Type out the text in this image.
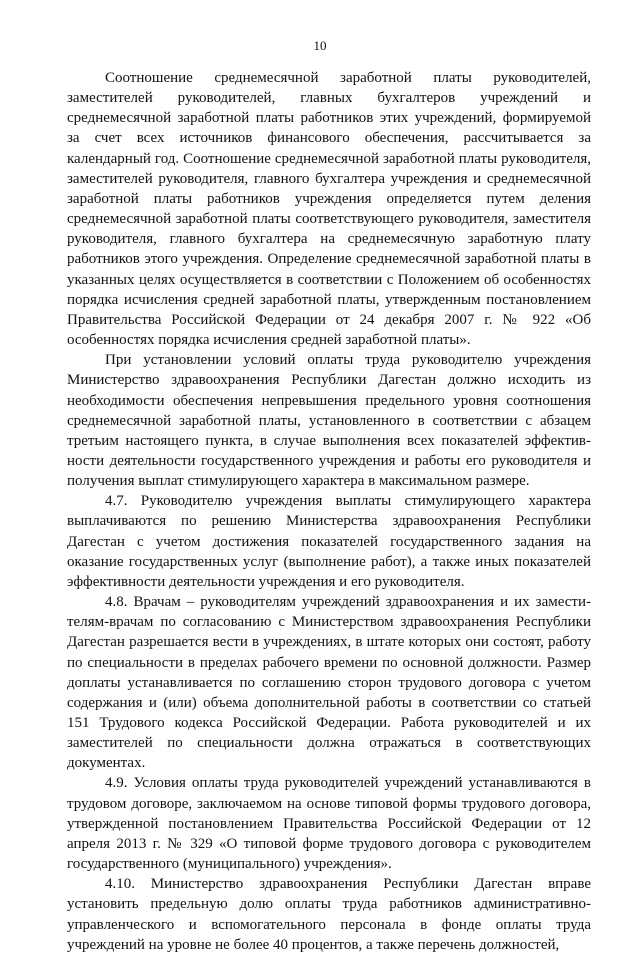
10

Соотношение среднемесячной заработной платы руководителей, заместителей руководителей, главных бухгалтеров учреждений и среднемесячной заработной платы работников этих учреждений, формируемой за счет всех источников финансового обеспечения, рассчитывается за календарный год. Соотношение среднемесячной заработной платы руководителя, заместителей руководителя, главного бухгалтера учреждения и среднемесячной заработной платы работников учреждения определяется путем деления среднемесячной заработной платы соответствующего руководителя, заместителя руководителя, главного бухгалтера на среднемесячную заработную плату работников этого учреждения. Определение среднемесячной заработной платы в указанных целях осуществляется в соответствии с Положением об особенностях порядка исчисления средней заработной платы, утвержденным постановлением Правительства Российской Федерации от 24 декабря 2007 г. № 922 «Об особенностях порядка исчисления средней заработной платы».

При установлении условий оплаты труда руководителю учреждения Министерство здравоохранения Республики Дагестан должно исходить из необходимости обеспечения непревышения предельного уровня соотношения среднемесячной заработной платы, установленного в соответствии с абзацем третьим настоящего пункта, в случае выполнения всех показателей эффективности деятельности государственного учреждения и работы его руководителя и получения выплат стимулирующего характера в максимальном размере.

4.7. Руководителю учреждения выплаты стимулирующего характера выплачиваются по решению Министерства здравоохранения Республики Дагестан с учетом достижения показателей государственного задания на оказание государственных услуг (выполнение работ), а также иных показателей эффективности деятельности учреждения и его руководителя.

4.8. Врачам – руководителям учреждений здравоохранения и их заместителям-врачам по согласованию с Министерством здравоохранения Республики Дагестан разрешается вести в учреждениях, в штате которых они состоят, работу по специальности в пределах рабочего времени по основной должности. Размер доплаты устанавливается по соглашению сторон трудового договора с учетом содержания и (или) объема дополнительной работы в соответствии со статьей 151 Трудового кодекса Российской Федерации. Работа руководителей и их заместителей по специальности должна отражаться в соответствующих документах.

4.9. Условия оплаты труда руководителей учреждений устанавливаются в трудовом договоре, заключаемом на основе типовой формы трудового договора, утвержденной постановлением Правительства Российской Федерации от 12 апреля 2013 г. № 329 «О типовой форме трудового договора с руководителем государственного (муниципального) учреждения».

4.10. Министерство здравоохранения Республики Дагестан вправе установить предельную долю оплаты труда работников административно-управленческого и вспомогательного персонала в фонде оплаты труда учреждений на уровне не более 40 процентов, а также перечень должностей,
